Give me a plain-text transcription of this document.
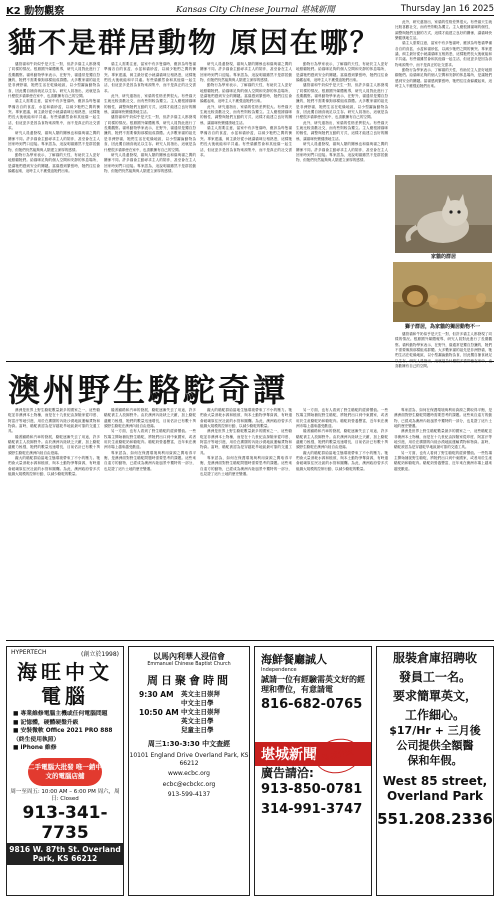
K2 動物觀察	Kansas City Chinese Journal 堪城新聞	Thursday Jan 16 2025
貓不是群居動物 原因在哪？

儘管貓和牛奶似乎是天生一對，但許多貓主人都發現了同樣的情況。根據國外媒體報導，研究人員對此進行了長期觀察。貓科動物學家表示，在野外，貓通常是獨自狩獵的，牠們不需要像狗那樣組成群體。大多數家貓的祖先是非洲野貓，牠們生活在乾燥地區，以小型齧齒動物為食，因此獨自捕食就足以生存。研究人員指出，這就是為什麼很多貓即使在家中，也喜歡擁有自己的空間。

貓主人需要注意，當家中有多隻貓時，應該為每隻貓準備各自的食盆、水盆和貓砂盆，以減少牠們之間的衝突。專家建議，飼主最好從小就讓貓咪互相熟悉，這樣牠們長大後就能和平共處。有些貓雖然會和其他貓一起生活，但這更多是因為食物來源集中，而不是真正的社交需求。

研究人員還發現，貓與人類的關係也和貓與貓之間的關係不同。許多貓會主動尋求主人的陪伴，甚至會在主人回家時到門口迎接。專家認為，這說明貓雖然不是群居動物，但牠們仍然能夠與人類建立深厚的感情。

動物行為學家表示，了解貓的天性，有助於主人更好地照顧牠們。給貓咪足夠的個人空間和安靜的休息場所，是讓牠們感到安全的關鍵。當貓感到緊張時，牠們往往會躲藏起來，這時主人不應強迫牠們出來。

貓主人需要注意，當家中有多隻貓時，應該為每隻貓準備各自的食盆、水盆和貓砂盆，以減少牠們之間的衝突。專家建議，飼主最好從小就讓貓咪互相熟悉，這樣牠們長大後就能和平共處。有些貓雖然會和其他貓一起生活，但這更多是因為食物來源集中，而不是真正的社交需求。

此外，研究還指出，家貓的性格差異很大。有些貓天生就比較喜歡社交，而有些則較為獨立。主人應根據貓咪的個性，調整與牠們互動的方式，這樣才能建立良好的關係，讓貓咪快樂健康地生活。

儘管貓和牛奶似乎是天生一對，但許多貓主人都發現了同樣的情況。根據國外媒體報導，研究人員對此進行了長期觀察。貓科動物學家表示，在野外，貓通常是獨自狩獵的，牠們不需要像狗那樣組成群體。大多數家貓的祖先是非洲野貓，牠們生活在乾燥地區，以小型齧齒動物為食，因此獨自捕食就足以生存。研究人員指出，這就是為什麼很多貓即使在家中，也喜歡擁有自己的空間。

研究人員還發現，貓與人類的關係也和貓與貓之間的關係不同。許多貓會主動尋求主人的陪伴，甚至會在主人回家時到門口迎接。專家認為，這說明貓雖然不是群居動物，但牠們仍然能夠與人類建立深厚的感情。

研究人員還發現，貓與人類的關係也和貓與貓之間的關係不同。許多貓會主動尋求主人的陪伴，甚至會在主人回家時到門口迎接。專家認為，這說明貓雖然不是群居動物，但牠們仍然能夠與人類建立深厚的感情。

動物行為學家表示，了解貓的天性，有助於主人更好地照顧牠們。給貓咪足夠的個人空間和安靜的休息場所，是讓牠們感到安全的關鍵。當貓感到緊張時，牠們往往會躲藏起來，這時主人不應強迫牠們出來。

此外，研究還指出，家貓的性格差異很大。有些貓天生就比較喜歡社交，而有些則較為獨立。主人應根據貓咪的個性，調整與牠們互動的方式，這樣才能建立良好的關係，讓貓咪快樂健康地生活。

貓主人需要注意，當家中有多隻貓時，應該為每隻貓準備各自的食盆、水盆和貓砂盆，以減少牠們之間的衝突。專家建議，飼主最好從小就讓貓咪互相熟悉，這樣牠們長大後就能和平共處。有些貓雖然會和其他貓一起生活，但這更多是因為食物來源集中，而不是真正的社交需求。

動物行為學家表示，了解貓的天性，有助於主人更好地照顧牠們。給貓咪足夠的個人空間和安靜的休息場所，是讓牠們感到安全的關鍵。當貓感到緊張時，牠們往往會躲藏起來，這時主人不應強迫牠們出來。

儘管貓和牛奶似乎是天生一對，但許多貓主人都發現了同樣的情況。根據國外媒體報導，研究人員對此進行了長期觀察。貓科動物學家表示，在野外，貓通常是獨自狩獵的，牠們不需要像狗那樣組成群體。大多數家貓的祖先是非洲野貓，牠們生活在乾燥地區，以小型齧齒動物為食，因此獨自捕食就足以生存。研究人員指出，這就是為什麼很多貓即使在家中，也喜歡擁有自己的空間。

此外，研究還指出，家貓的性格差異很大。有些貓天生就比較喜歡社交，而有些則較為獨立。主人應根據貓咪的個性，調整與牠們互動的方式，這樣才能建立良好的關係，讓貓咪快樂健康地生活。

研究人員還發現，貓與人類的關係也和貓與貓之間的關係不同。許多貓會主動尋求主人的陪伴，甚至會在主人回家時到門口迎接。專家認為，這說明貓雖然不是群居動物，但牠們仍然能夠與人類建立深厚的感情。

此外，研究還指出，家貓的性格差異很大。有些貓天生就比較喜歡社交，而有些則較為獨立。主人應根據貓咪的個性，調整與牠們互動的方式，這樣才能建立良好的關係，讓貓咪快樂健康地生活。

貓主人需要注意，當家中有多隻貓時，應該為每隻貓準備各自的食盆、水盆和貓砂盆，以減少牠們之間的衝突。專家建議，飼主最好從小就讓貓咪互相熟悉，這樣牠們長大後就能和平共處。有些貓雖然會和其他貓一起生活，但這更多是因為食物來源集中，而不是真正的社交需求。

動物行為學家表示，了解貓的天性，有助於主人更好地照顧牠們。給貓咪足夠的個人空間和安靜的休息場所，是讓牠們感到安全的關鍵。當貓感到緊張時，牠們往往會躲藏起來，這時主人不應強迫牠們出來。

家貓的群居
獅子群居，為家貓的獨居動物不一

儘管貓和牛奶似乎是天生一對，但許多貓主人都發現了同樣的情況。根據國外媒體報導，研究人員對此進行了長期觀察。貓科動物學家表示，在野外，貓通常是獨自狩獵的，牠們不需要像狗那樣組成群體。大多數家貓的祖先是非洲野貓，牠們生活在乾燥地區，以小型齧齒動物為食，因此獨自捕食就足 喜歡擁有自己的空間。

澳州野生駱駝奇譚

澳洲是世界上野生駱駝數量最多的國家之一，這些駱駝並非澳洲本土物種，而是在十九世紀由探險家從印度、阿富汗等地引進，用於在廣闊的內陸沙漠地區運輸貨物和物資。當時，駱駝被認為是穿越乾旱地區最可靠的交通工具。

隨著鐵路和汽車的發展，駱駝逐漸失去了用途，許多駱駝被主人放歸野外。由於澳洲內陸缺乏天敵，加上駱駝適應力極強，牠們的數量迅速增長，目前估計已有數十萬頭野生駱駝在澳洲內陸自由遊蕩。

龐大的駱駝群給當地生態環境帶來了不小的壓力。牠們會大量消耗水源和植被，與本土動物爭奪資源，有時還會破壞原住民社區的水管和圍欄。為此，澳洲政府曾多次組織大規模的控制行動，以減少駱駝的數量。

隨著鐵路和汽車的發展，駱駝逐漸失去了用途，許多駱駝被主人放歸野外。由於澳洲內陸缺乏天敵，加上駱駝適應力極強，牠們的數量迅速增長，目前估計已有數十萬頭野生駱駝在澳洲內陸自由遊蕩。

另一方面，也有人看到了野生駱駝的經濟價值。一些牧場主開始捕捉野生駱駝，將牠們出口到中東國家，或者用於生產駱駝奶和駱駝肉。駱駝奶營養豐富，近年來在澳洲市場上越來越受歡迎。

專家認為，如何在保護環境與利用資源之間取得平衡，是澳洲面對野生駱駝問題時需要思考的課題。這些來自遠方的動物，已經成為澳洲內陸風景中獨特的一部分，也見證了這片土地的歷史變遷。

龐大的駱駝群給當地生態環境帶來了不小的壓力。牠們會大量消耗水源和植被，與本土動物爭奪資源，有時還會破壞原住民社區的水管和圍欄。為此，澳洲政府曾多次組織大規模的控制行動，以減少駱駝的數量。

澳洲是世界上野生駱駝數量最多的國家之一，這些駱駝並非澳洲本土物種，而是在十九世紀由探險家從印度、阿富汗等地引進，用於在廣闊的內陸沙漠地區運輸貨物和物資。當時，駱駝被認為是穿越乾旱地區最可靠的交通工具。

專家認為，如何在保護環境與利用資源之間取得平衡，是澳洲面對野生駱駝問題時需要思考的課題。這些來自遠方的動物，已經成為澳洲內陸風景中獨特的一部分，也見證了這片土地的歷史變遷。

另一方面，也有人看到了野生駱駝的經濟價值。一些牧場主開始捕捉野生駱駝，將牠們出口到中東國家，或者用於生產駱駝奶和駱駝肉。駱駝奶營養豐富，近年來在澳洲市場上越來越受歡迎。

隨著鐵路和汽車的發展，駱駝逐漸失去了用途，許多駱駝被主人放歸野外。由於澳洲內陸缺乏天敵，加上駱駝適應力極強，牠們的數量迅速增長，目前估計已有數十萬頭野生駱駝在澳洲內陸自由遊蕩。

龐大的駱駝群給當地生態環境帶來了不小的壓力。牠們會大量消耗水源和植被，與本土動物爭奪資源，有時還會破壞原住民社區的水管和圍欄。為此，澳洲政府曾多次組織大規模的控制行動，以減少駱駝的數量。

專家認為，如何在保護環境與利用資源之間取得平衡，是澳洲面對野生駱駝問題時需要思考的課題。這些來自遠方的動物，已經成為澳洲內陸風景中獨特的一部分，也見證了這片土地的歷史變遷。

澳洲是世界上野生駱駝數量最多的國家之一，這些駱駝並非澳洲本土物種，而是在十九世紀由探險家從印度、阿富汗等地引進，用於在廣闊的內陸沙漠地區運輸貨物和物資。當時，駱駝被認為是穿越乾旱地區最可靠的交通工具。

另一方面，也有人看到了野生駱駝的經濟價值。一些牧場主開始捕捉野生駱駝，將牠們出口到中東國家，或者用於生產駱駝奶和駱駝肉。駱駝奶營養豐富，近年來在澳洲市場上越來越受歡迎。

HYPERTECH	(創立於1998)
海旺中文電腦
■ 專業維修電腦主機或任何電腦問題
■ 記憶體，硬體硬盤升級
■ 安裝微軟 Office 2021 PRO 888（終生使用執照）
■ iPhone 維修
二手電腦大批發 唯一銷中文的電腦店舖
周一至周五: 10:00 AM – 6:00 PM 周六，周日: Closed
913-341-7735
9816 W. 87th St. Overland Park, KS 66212
以馬內利華人浸信會
Emmanuel Chinese Baptist Church
周日聚會時間
9:30 AM	英文主日崇拜
中文主日學
10:50 AM 中文主日崇拜
英文主日學
兒童主日學
周三1:30-3:30 中文查經
10101 England Drive Overland Park, KS 66212
www.ecbc.org
ecbc@ecbckc.org
913-599-4137
海鮮餐廳誠人
Independence
誠請一位有經驗需英文好的經理和帶位，有意請電
816-682-0765
堪城分類
堪城新聞
廣告請洽:
913-850-0781
314-991-3747
服裝倉庫招聘收
發員工一名。
要求簡單英文，
工作細心。
$17/Hr + 三月後
公司提供全額醫
保和年假。
West 85 street, Overland Park
551.208.2336
